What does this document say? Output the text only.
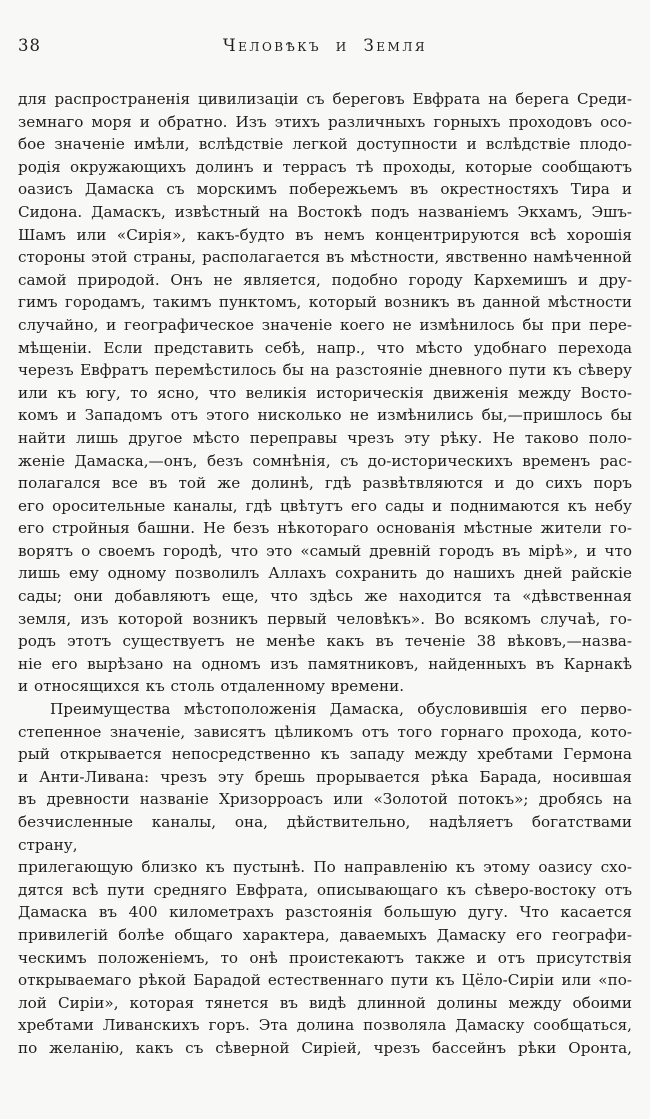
38	Человѣкъ и Земля
для распространенія цивилизаціи съ береговъ Евфрата на берега Среди-
земнаго моря и обратно. Изъ этихъ различныхъ горныхъ проходовъ осо-
бое значеніе имѣли, вслѣдствіе легкой доступности и вслѣдствіе плодо-
родія окружающихъ долинъ и террасъ тѣ проходы, которые сообщаютъ
оазисъ Дамаска съ морскимъ побережьемъ въ окрестностяхъ Тира и
Сидона. Дамаскъ, извѣстный на Востокѣ подъ названіемъ Экхамъ, Эшъ-
Шамъ или «Сирія», какъ-будто въ немъ концентрируются всѣ хорошія
стороны этой страны, располагается въ мѣстности, явственно намѣченной
самой природой. Онъ не является, подобно городу Кархемишъ и дру-
гимъ городамъ, такимъ пунктомъ, который возникъ въ данной мѣстности
случайно, и географическое значеніе коего не измѣнилось бы при пере-
мѣщеніи. Если представить себѣ, напр., что мѣсто удобнаго перехода
черезъ Евфратъ перемѣстилось бы на разстояніе дневного пути къ сѣверу
или къ югу, то ясно, что великія историческія движенія между Восто-
комъ и Западомъ отъ этого нисколько не измѣнились бы,—пришлось бы
найти лишь другое мѣсто переправы чрезъ эту рѣку. Не таково поло-
женіе Дамаска,—онъ, безъ сомнѣнія, съ до-историческихъ временъ рас-
полагался все въ той же долинѣ, гдѣ развѣтвляются и до сихъ поръ
его оросительные каналы, гдѣ цвѣтутъ его сады и поднимаются къ небу
его стройныя башни. Не безъ нѣкотораго основанія мѣстные жители го-
ворятъ о своемъ городѣ, что это «самый древній городъ въ мірѣ», и что
лишь ему одному позволилъ Аллахъ сохранить до нашихъ дней райскіе
сады; они добавляютъ еще, что здѣсь же находится та «дѣвственная
земля, изъ которой возникъ первый человѣкъ». Во всякомъ случаѣ, го-
родъ этотъ существуетъ не менѣе какъ въ теченіе 38 вѣковъ,—назва-
ніе его вырѣзано на одномъ изъ памятниковъ, найденныхъ въ Карнакѣ
и относящихся къ столь отдаленному времени.
Преимущества мѣстоположенія Дамаска, обусловившія его перво-
степенное значеніе, зависятъ цѣликомъ отъ того горнаго прохода, кото-
рый открывается непосредственно къ западу между хребтами Гермона
и Анти-Ливана: чрезъ эту брешь прорывается рѣка Барада, носившая
въ древности названіе Хризорроасъ или «Золотой потокъ»; дробясь на
безчисленные каналы, она, дѣйствительно, надѣляетъ богатствами страну,
прилегающую близко къ пустынѣ. По направленію къ этому оазису схо-
дятся всѣ пути средняго Евфрата, описывающаго къ сѣверо-востоку отъ
Дамаска въ 400 километрахъ разстоянія большую дугу. Что касается
привилегій болѣе общаго характера, даваемыхъ Дамаску его географи-
ческимъ положеніемъ, то онѣ проистекаютъ также и отъ присутствія
открываемаго рѣкой Барадой естественнаго пути къ Цёло-Сиріи или «по-
лой Сиріи», которая тянется въ видѣ длинной долины между обоими
хребтами Ливанскихъ горъ. Эта долина позволяла Дамаску сообщаться,
по желанію, какъ съ сѣверной Сиріей, чрезъ бассейнъ рѣки Оронта,
